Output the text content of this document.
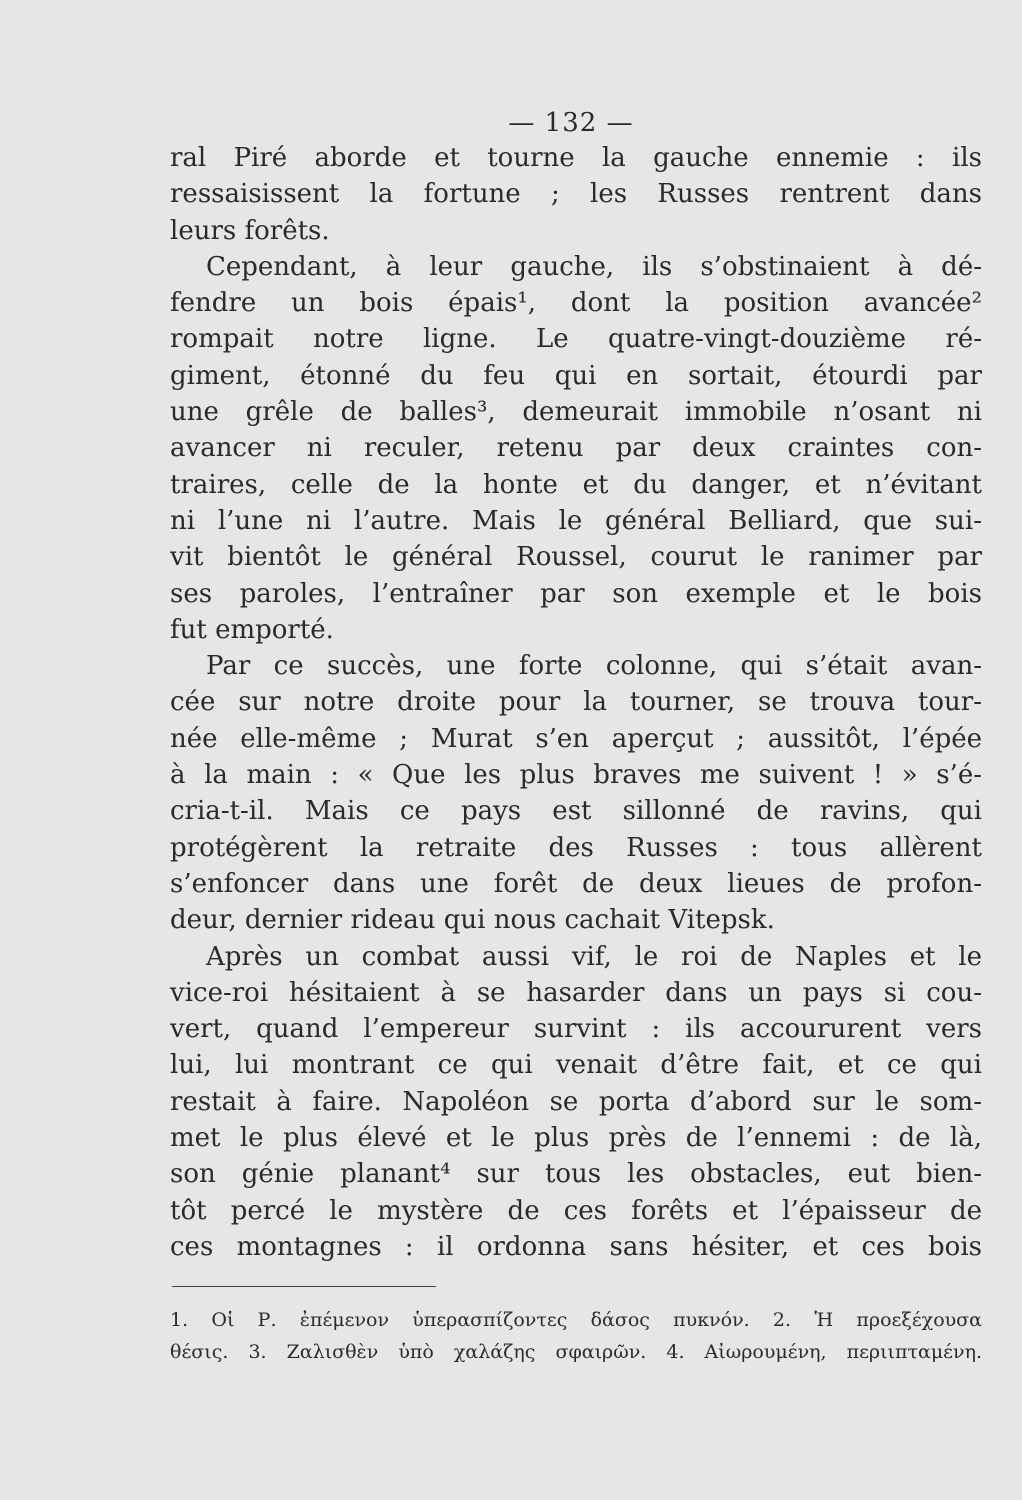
— 132 —
ral Piré aborde et tourne la gauche ennemie : ils
ressaisissent la fortune ; les Russes rentrent dans
leurs forêts.
Cependant, à leur gauche, ils s’obstinaient à dé-
fendre un bois épais¹, dont la position avancée²
rompait notre ligne. Le quatre-vingt-douzième ré-
giment, étonné du feu qui en sortait, étourdi par
une grêle de balles³, demeurait immobile n’osant ni
avancer ni reculer, retenu par deux craintes con-
traires, celle de la honte et du danger, et n’évitant
ni l’une ni l’autre. Mais le général Belliard, que sui-
vit bientôt le général Roussel, courut le ranimer par
ses paroles, l’entraîner par son exemple et le bois
fut emporté.
Par ce succès, une forte colonne, qui s’était avan-
cée sur notre droite pour la tourner, se trouva tour-
née elle-même ; Murat s’en aperçut ; aussitôt, l’épée
à la main : « Que les plus braves me suivent ! » s’é-
cria-t-il. Mais ce pays est sillonné de ravins, qui
protégèrent la retraite des Russes : tous allèrent
s’enfoncer dans une forêt de deux lieues de profon-
deur, dernier rideau qui nous cachait Vitepsk.
Après un combat aussi vif, le roi de Naples et le
vice-roi hésitaient à se hasarder dans un pays si cou-
vert, quand l’empereur survint : ils accoururent vers
lui, lui montrant ce qui venait d’être fait, et ce qui
restait à faire. Napoléon se porta d’abord sur le som-
met le plus élevé et le plus près de l’ennemi : de là,
son génie planant⁴ sur tous les obstacles, eut bien-
tôt percé le mystère de ces forêts et l’épaisseur de
ces montagnes : il ordonna sans hésiter, et ces bois
1. Οἱ Ρ. ἐπέμενον ὑπερασπίζοντες δάσος πυκνόν. 2. Ἡ προεξέχουσα
θέσις. 3. Ζαλισθὲν ὑπὸ χαλάζης σφαιρῶν. 4. Αἰωρουμένη, περιιπταμένη.
